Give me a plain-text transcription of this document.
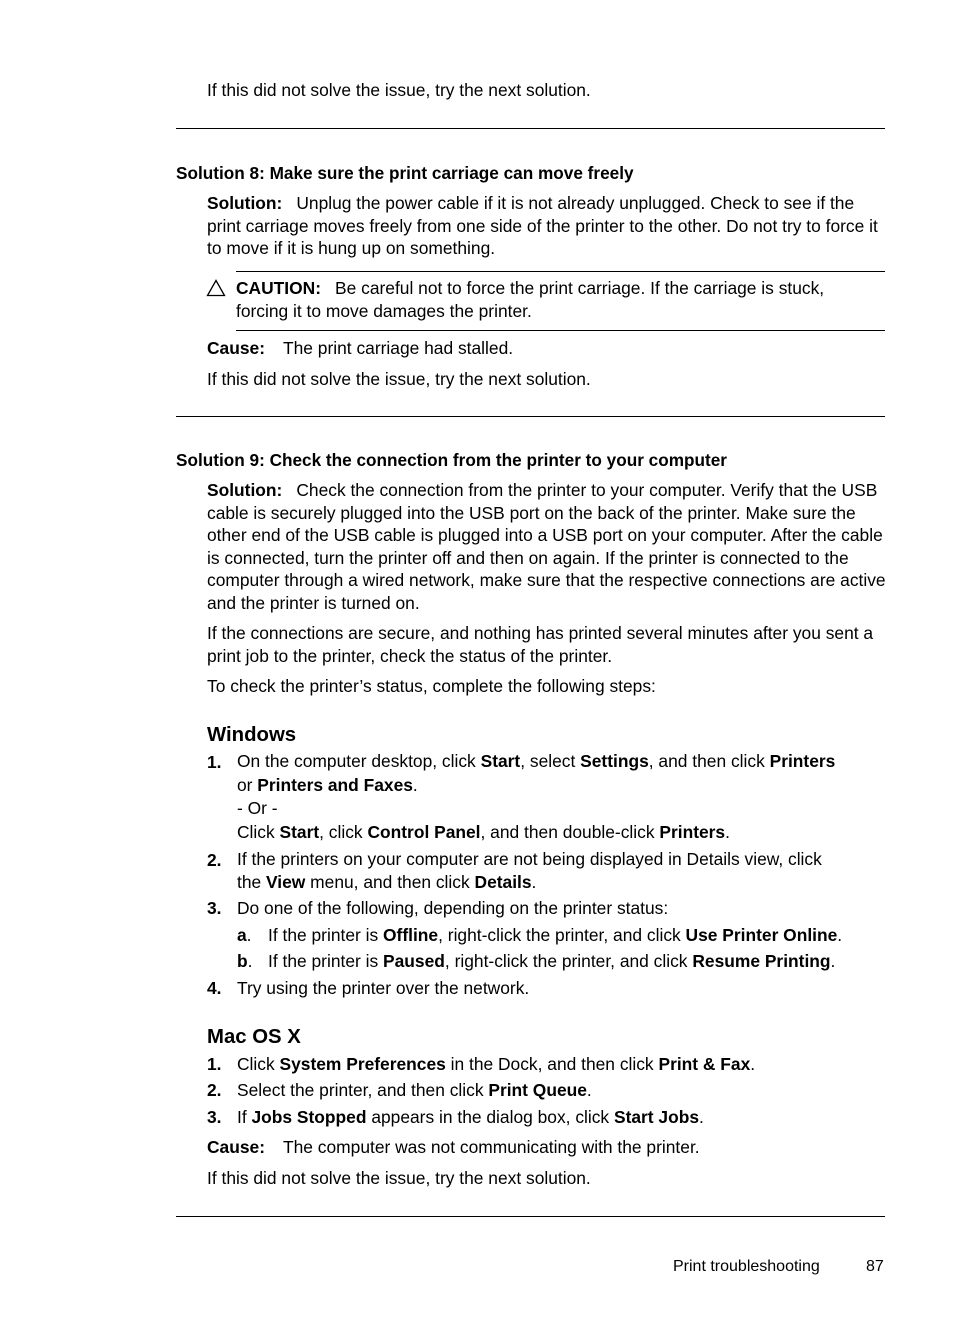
If this did not solve the issue, try the next solution.

Solution 8: Make sure the print carriage can move freely

Solution: Unplug the power cable if it is not already unplugged. Check to see if the print carriage moves freely from one side of the printer to the other. Do not try to force it to move if it is hung up on something.

CAUTION: Be careful not to force the print carriage. If the carriage is stuck, forcing it to move damages the printer.

Cause: The print carriage had stalled.

If this did not solve the issue, try the next solution.

Solution 9: Check the connection from the printer to your computer

Solution: Check the connection from the printer to your computer. Verify that the USB cable is securely plugged into the USB port on the back of the printer. Make sure the other end of the USB cable is plugged into a USB port on your computer. After the cable is connected, turn the printer off and then on again. If the printer is connected to the computer through a wired network, make sure that the respective connections are active and the printer is turned on.

If the connections are secure, and nothing has printed several minutes after you sent a print job to the printer, check the status of the printer.

To check the printer’s status, complete the following steps:

Windows
1. On the computer desktop, click Start, select Settings, and then click Printers
or Printers and Faxes.
- Or -
Click Start, click Control Panel, and then double-click Printers.

2. If the printers on your computer are not being displayed in Details view, click
the View menu, and then click Details.

3. Do one of the following, depending on the printer status:

a. If the printer is Offline, right-click the printer, and click Use Printer Online.

b. If the printer is Paused, right-click the printer, and click Resume Printing.

4. Try using the printer over the network.

Mac OS X
1. Click System Preferences in the Dock, and then click Print & Fax.

2. Select the printer, and then click Print Queue.

3. If Jobs Stopped appears in the dialog box, click Start Jobs.

Cause: The computer was not communicating with the printer.

If this did not solve the issue, try the next solution.

Print troubleshooting	87
